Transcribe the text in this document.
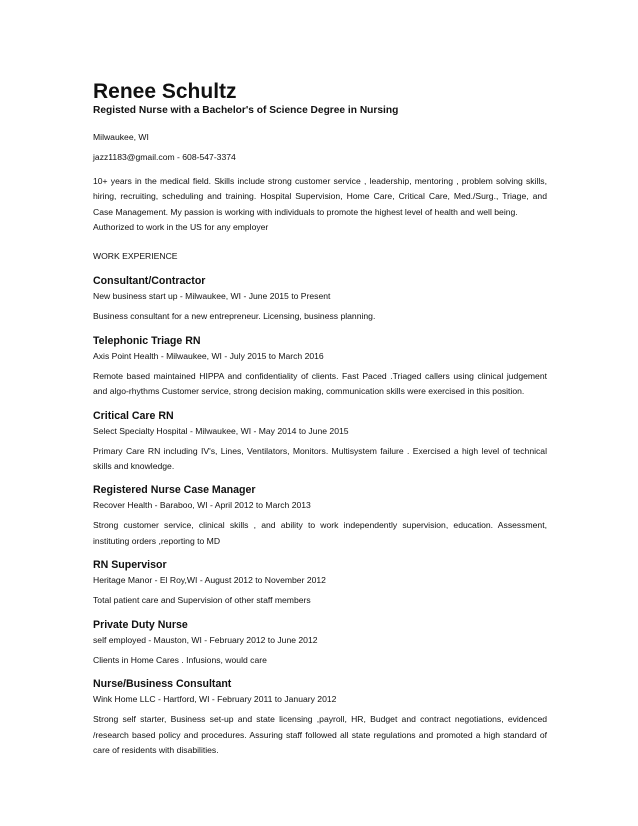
Renee Schultz
Registed Nurse with a Bachelor's of Science Degree in Nursing
Milwaukee, WI
jazz1183@gmail.com - 608-547-3374
10+ years in the medical field. Skills include strong customer service , leadership, mentoring , problem solving skills, hiring, recruiting, scheduling and training. Hospital Supervision, Home Care, Critical Care, Med./Surg., Triage, and Case Management. My passion is working with individuals to promote the highest level of health and well being.
Authorized to work in the US for any employer
WORK EXPERIENCE
Consultant/Contractor
New business start up - Milwaukee, WI - June 2015 to Present
Business consultant for a new entrepreneur. Licensing, business planning.
Telephonic Triage RN
Axis Point Health - Milwaukee, WI - July 2015 to March 2016
Remote based maintained HIPPA and confidentiality of clients. Fast Paced .Triaged callers using clinical judgement and algo-rhythms Customer service, strong decision making, communication skills were exercised in this position.
Critical Care RN
Select Specialty Hospital - Milwaukee, WI - May 2014 to June 2015
Primary Care RN including IV's, Lines, Ventilators, Monitors. Multisystem failure . Exercised a high level of technical skills and knowledge.
Registered Nurse Case Manager
Recover Health - Baraboo, WI - April 2012 to March 2013
Strong customer service, clinical skills , and ability to work independently supervision, education. Assessment, instituting orders ,reporting to MD
RN Supervisor
Heritage Manor - El Roy,WI - August 2012 to November 2012
Total patient care and Supervision of other staff members
Private Duty Nurse
self employed - Mauston, WI - February 2012 to June 2012
Clients in Home Cares . Infusions, would care
Nurse/Business Consultant
Wink Home LLC - Hartford, WI - February 2011 to January 2012
Strong self starter, Business set-up and state licensing ,payroll, HR, Budget and contract negotiations, evidenced /research based policy and procedures. Assuring staff followed all state regulations and promoted a high standard of care of residents with disabilities.
